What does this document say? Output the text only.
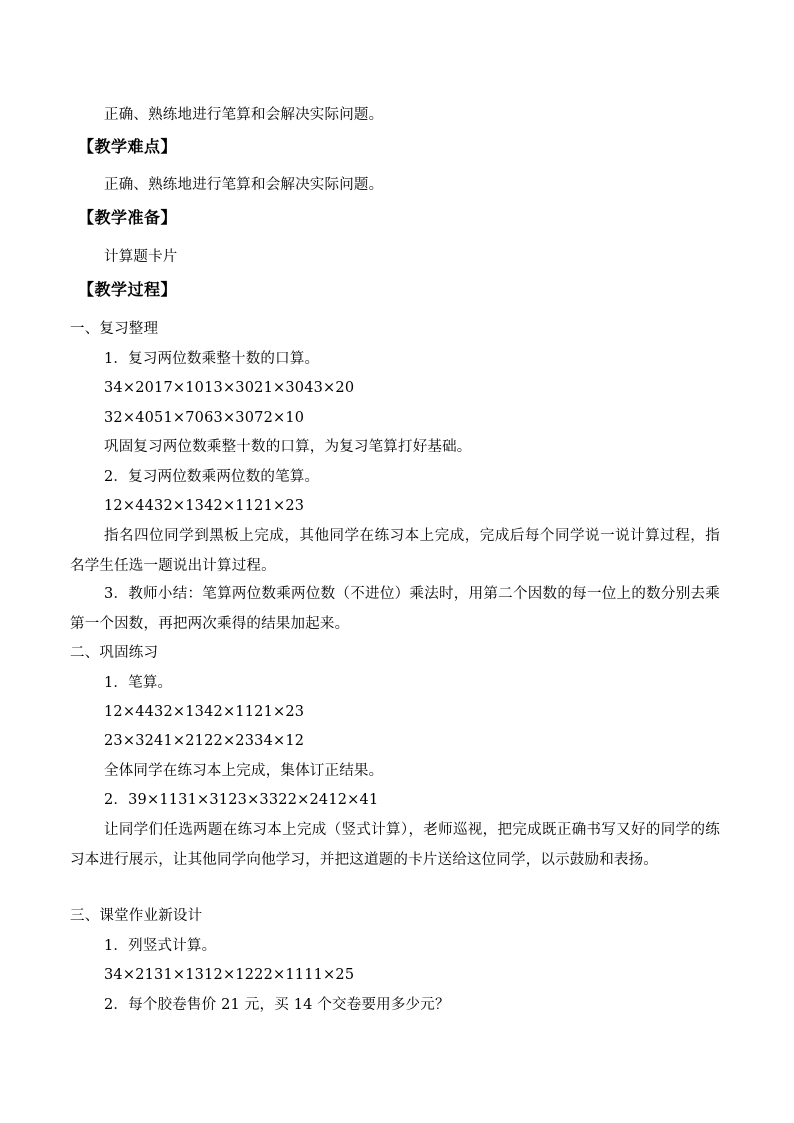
正确、熟练地进行笔算和会解决实际问题。
【教学难点】
正确、熟练地进行笔算和会解决实际问题。
【教学准备】
计算题卡片
【教学过程】
一、复习整理
1．复习两位数乘整十数的口算。
34×2017×1013×3021×3043×20
32×4051×7063×3072×10
巩固复习两位数乘整十数的口算，为复习笔算打好基础。
2．复习两位数乘两位数的笔算。
12×4432×1342×1121×23
指名四位同学到黑板上完成，其他同学在练习本上完成，完成后每个同学说一说计算过程，指名学生任选一题说出计算过程。
3．教师小结：笔算两位数乘两位数（不进位）乘法时，用第二个因数的每一位上的数分别去乘第一个因数，再把两次乘得的结果加起来。
二、巩固练习
1．笔算。
12×4432×1342×1121×23
23×3241×2122×2334×12
全体同学在练习本上完成，集体订正结果。
2．39×1131×3123×3322×2412×41
让同学们任选两题在练习本上完成（竖式计算），老师巡视，把完成既正确书写又好的同学的练习本进行展示，让其他同学向他学习，并把这道题的卡片送给这位同学，以示鼓励和表扬。
三、课堂作业新设计
1．列竖式计算。
34×2131×1312×1222×1111×25
2．每个胶卷售价 21 元，买 14 个交卷要用多少元？
